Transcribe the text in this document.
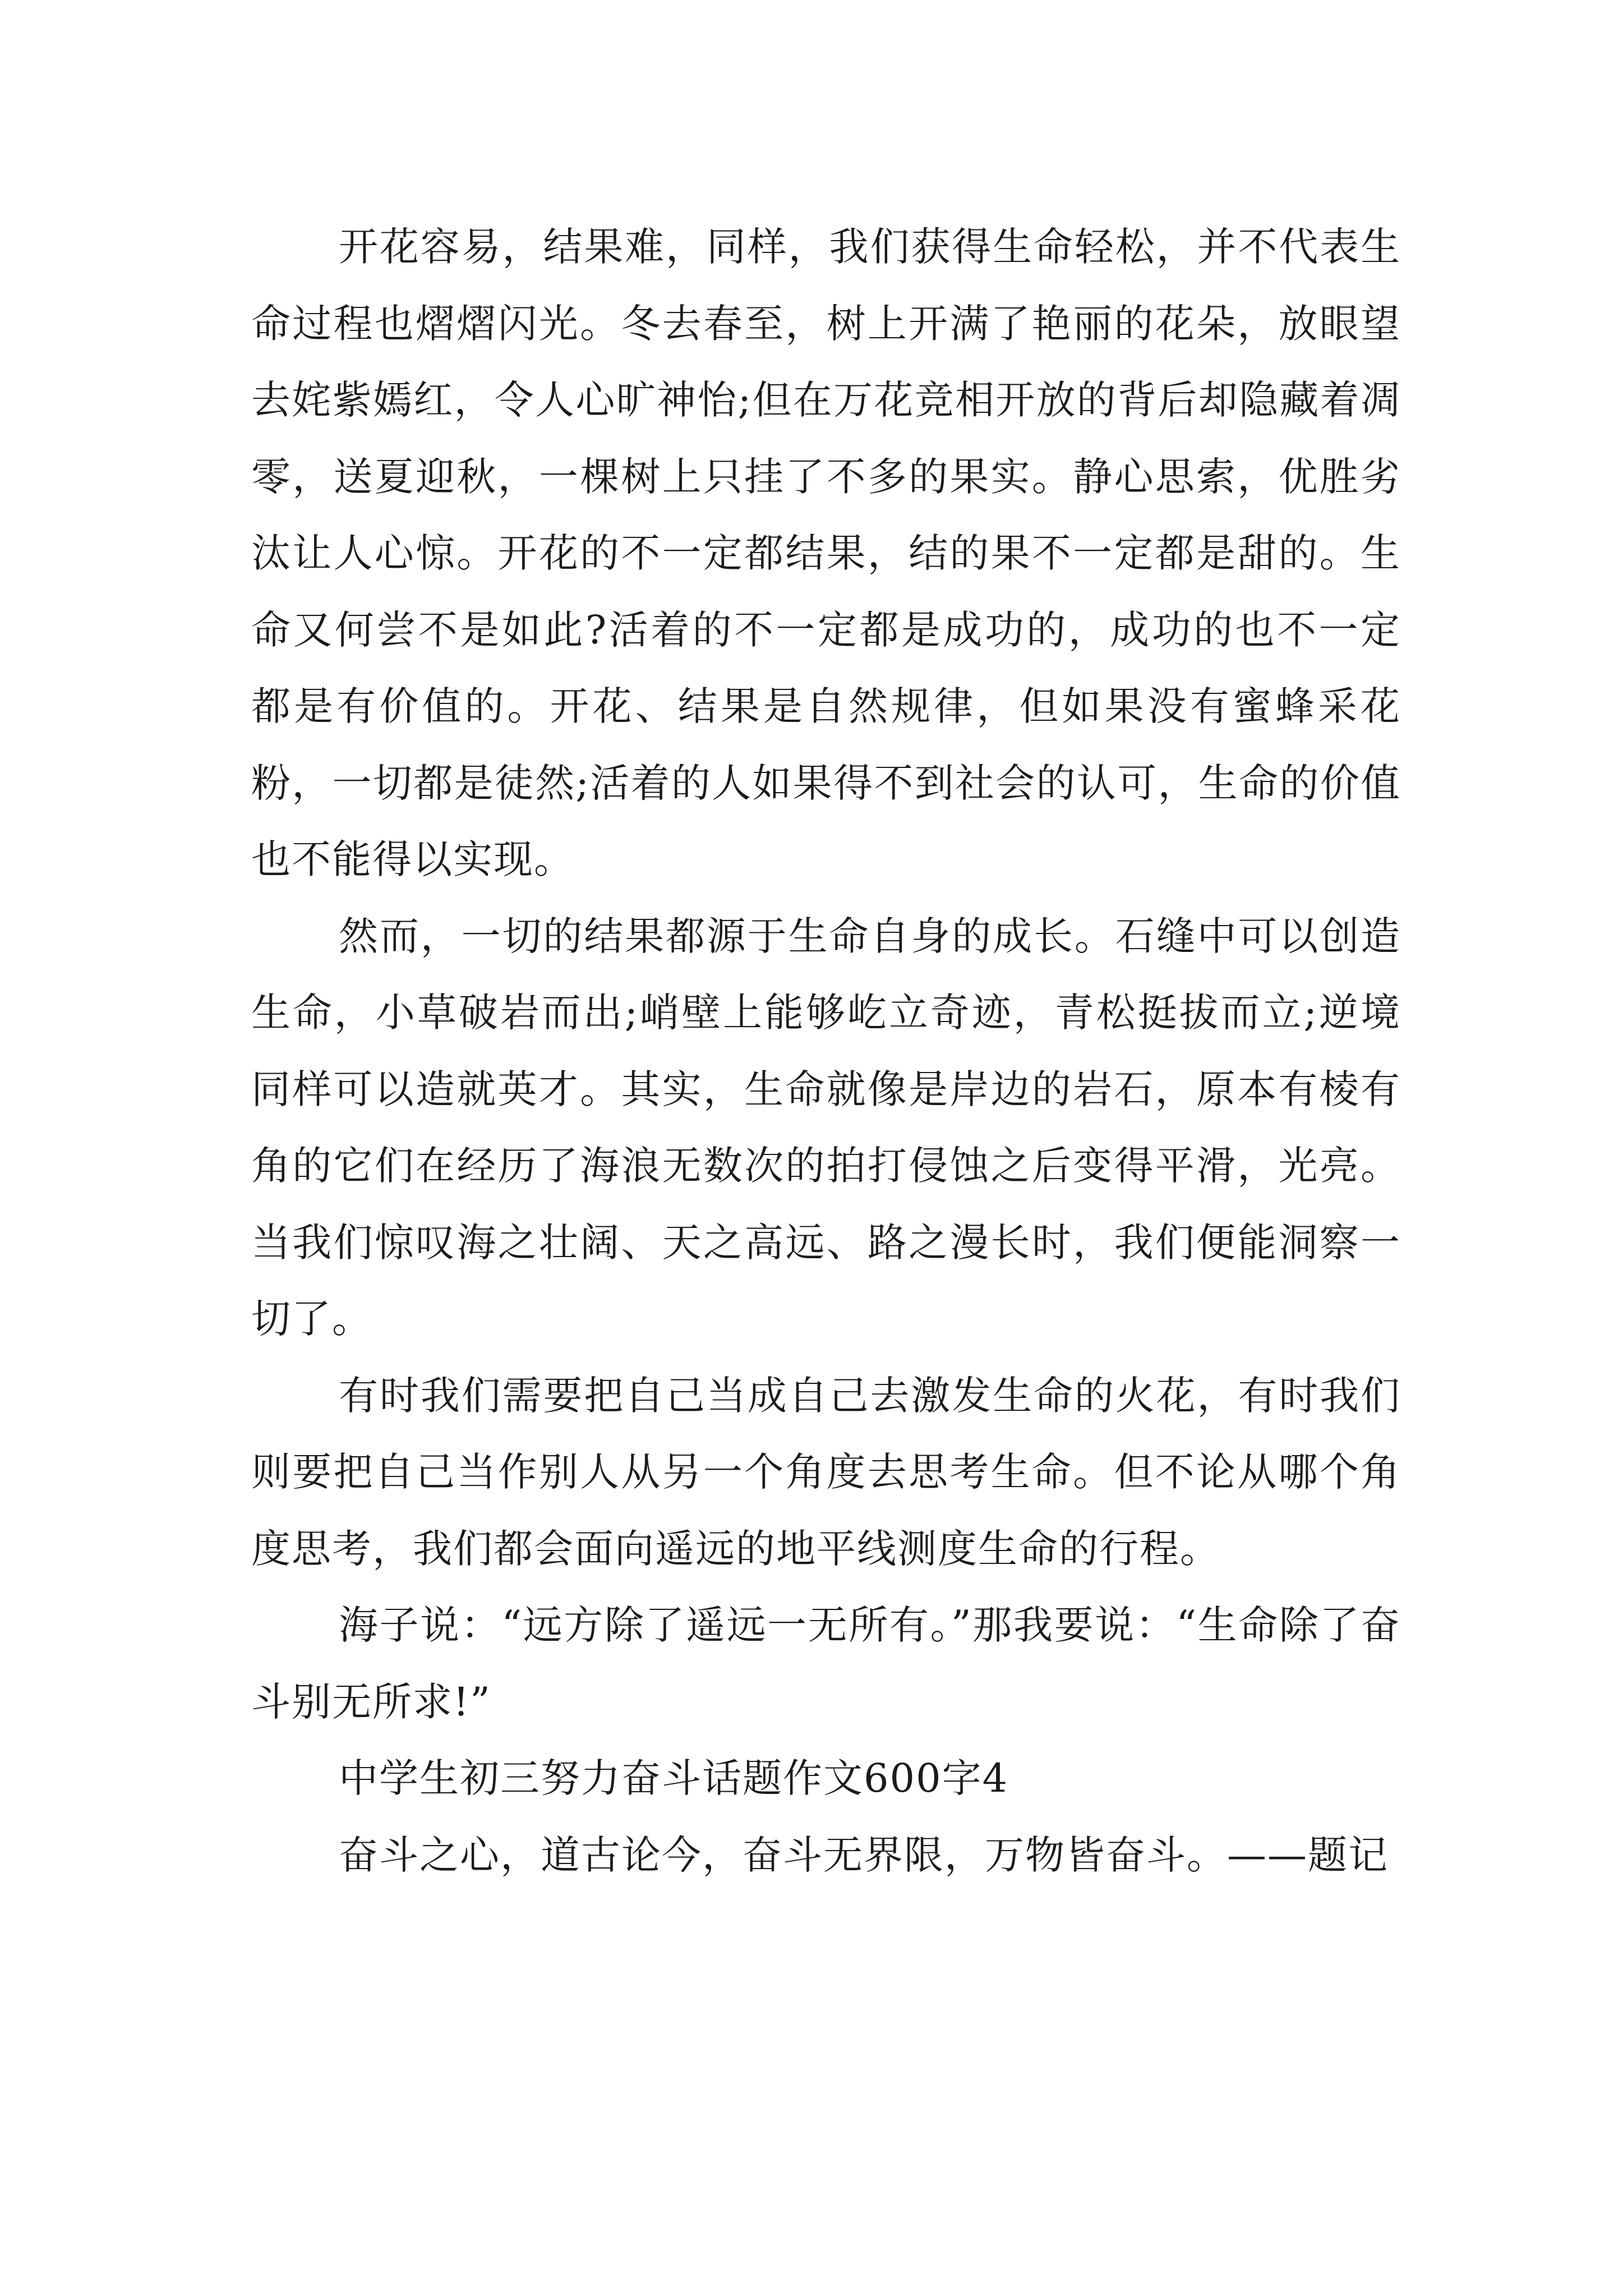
开花容易，结果难，同样，我们获得生命轻松，并不代表生命过程也熠熠闪光。冬去春至，树上开满了艳丽的花朵，放眼望去姹紫嫣红，令人心旷神怡;但在万花竞相开放的背后却隐藏着凋零，送夏迎秋，一棵树上只挂了不多的果实。静心思索，优胜劣汰让人心惊。开花的不一定都结果，结的果不一定都是甜的。生命又何尝不是如此?活着的不一定都是成功的，成功的也不一定都是有价值的。开花、结果是自然规律，但如果没有蜜蜂采花粉，一切都是徒然;活着的人如果得不到社会的认可，生命的价值也不能得以实现。

然而，一切的结果都源于生命自身的成长。石缝中可以创造生命，小草破岩而出;峭壁上能够屹立奇迹，青松挺拔而立;逆境同样可以造就英才。其实，生命就像是岸边的岩石，原本有棱有角的它们在经历了海浪无数次的拍打侵蚀之后变得平滑，光亮。当我们惊叹海之壮阔、天之高远、路之漫长时，我们便能洞察一切了。

有时我们需要把自己当成自己去激发生命的火花，有时我们则要把自己当作别人从另一个角度去思考生命。但不论从哪个角度思考，我们都会面向遥远的地平线测度生命的行程。

海子说：“远方除了遥远一无所有。”那我要说：“生命除了奋斗别无所求!”

中学生初三努力奋斗话题作文600字4

奋斗之心，道古论今，奋斗无界限，万物皆奋斗。——题记
